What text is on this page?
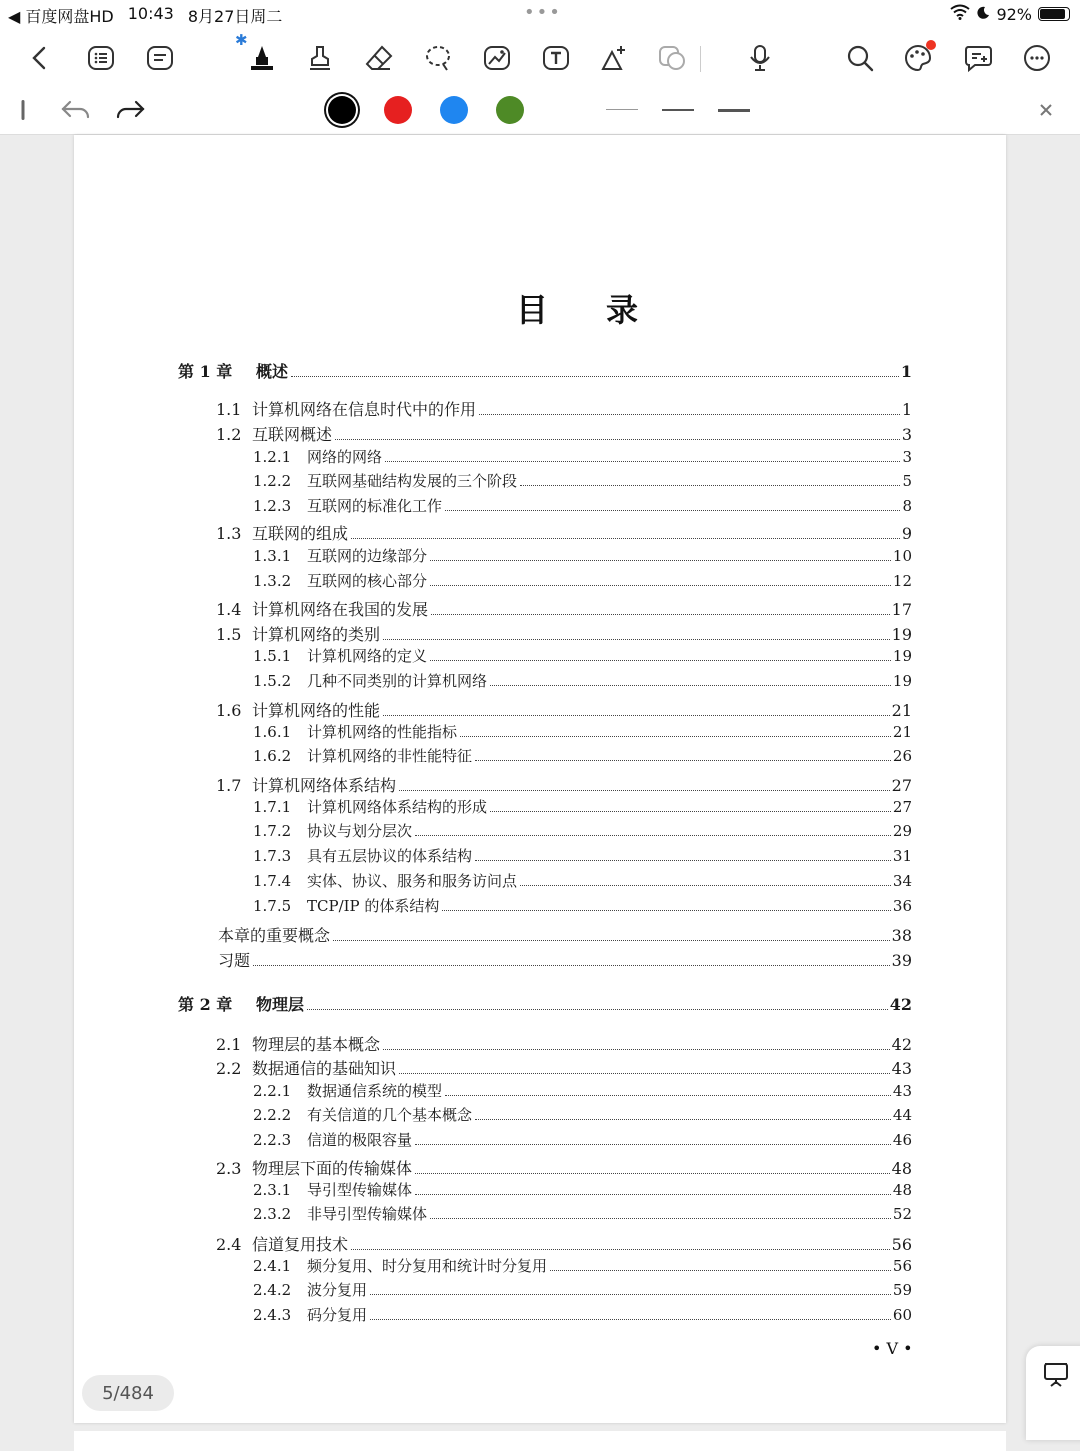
◀ 百度网盘HD 10:43 8月27日周二	•••	92%
✱
目录
第 1 章	概述	1
1.1 计算机网络在信息时代中的作用	1
1.2 互联网概述	3
1.2.1	网络的网络	3
1.2.2	互联网基础结构发展的三个阶段	5
1.2.3	互联网的标准化工作	8
1.3 互联网的组成	9
1.3.1	互联网的边缘部分	10
1.3.2	互联网的核心部分	12
1.4 计算机网络在我国的发展	17
1.5 计算机网络的类别	19
1.5.1	计算机网络的定义	19
1.5.2	几种不同类别的计算机网络	19
1.6 计算机网络的性能	21
1.6.1	计算机网络的性能指标	21
1.6.2	计算机网络的非性能特征	26
1.7 计算机网络体系结构	27
1.7.1	计算机网络体系结构的形成	27
1.7.2	协议与划分层次	29
1.7.3	具有五层协议的体系结构	31
1.7.4	实体、协议、服务和服务访问点	34
1.7.5	TCP/IP 的体系结构	36
本章的重要概念	38
习题	39
第 2 章	物理层	42
2.1 物理层的基本概念	42
2.2 数据通信的基础知识	43
2.2.1	数据通信系统的模型	43
2.2.2	有关信道的几个基本概念	44
2.2.3	信道的极限容量	46
2.3 物理层下面的传输媒体	48
2.3.1	导引型传输媒体	48
2.3.2	非导引型传输媒体	52
2.4 信道复用技术	56
2.4.1	频分复用、时分复用和统计时分复用	56
2.4.2	波分复用	59
2.4.3	码分复用	60
• V •
5/484
